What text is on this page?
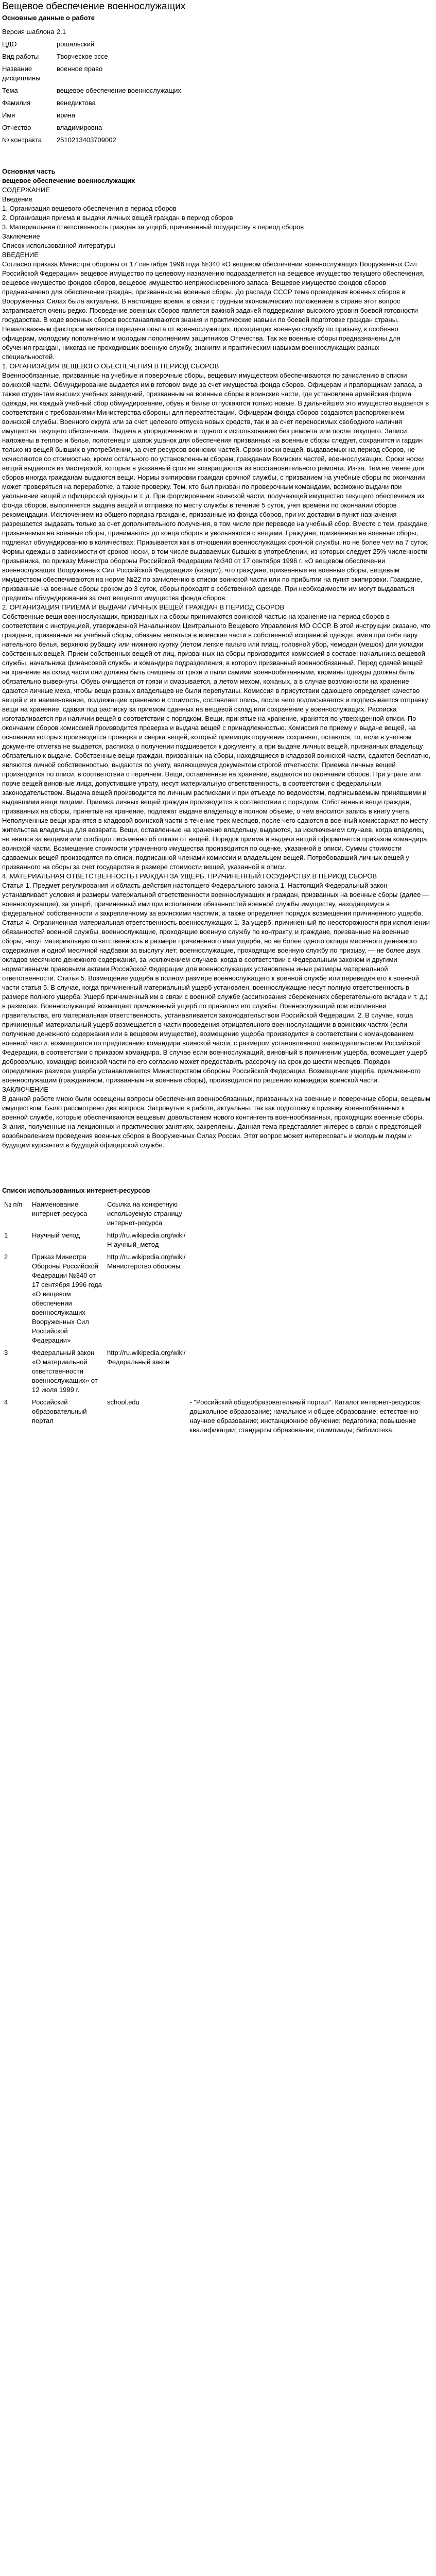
Вещевое обеспечение военнослужащих
Основные данные о работе
Версия шаблона	2.1
ЦДО	рошальский
Вид работы	Творческое эссе
Название дисциплины	военное право
Тема	вещевое обеспечение военнослужащих
Фамилия	венедиктова
Имя	ирина
Отчество	владимировна
№ контракта	2510213403709002
Основная часть
вещевое обеспечение военнослужащих
СОДЕРЖАНИЕ
Введение
1. Организация вещевого обеспечения в период сборов
2. Организация приема и выдачи личных вещей граждан в период сборов
3. Материальная ответственность граждан за ущерб, причиненный государству в период сборов
Заключение
Список использованной литературы
ВВЕДЕНИЕ
Согласно приказа Министра обороны от 17 сентября 1996 года №340 «О вещевом обеспечении военнослужащих Вооруженных Сил Российской Федерации» вещевое имущество по целевому назначению подразделяется на вещевое имущество текущего обеспечения, вещевое имущество фондов сборов, вещевое имущество неприкосновенного запаса. Вещевое имущество фондов сборов предназначено для обеспечения граждан, призванных на военные сборы. До распада СССР тема проведения военных сборов в Вооруженных Силах была актуальна. В настоящее время, в связи с трудным экономическим положением в стране этот вопрос затрагивается очень редко. Проведение военных сборов является важной задачей поддержания высокого уровня боевой готовности государства. В ходе военных сборов восстанавливаются знания и практические навыки по боевой подготовке граждан страны. Немаловажным фактором является передача опыта от военнослужащих, проходящих военную службу по призыву, к особенно офицерам, молодому пополнению и молодым пополнениям защитников Отечества. Так же военные сборы предназначены для обучения граждан, никогда не проходивших военную службу, знаниям и практическим навыкам военнослужащих разных специальностей.
1. ОРГАНИЗАЦИЯ ВЕЩЕВОГО ОБЕСПЕЧЕНИЯ В ПЕРИОД СБОРОВ
Военнообязанные, призванные на учебные и поверочные сборы, вещевым имуществом обеспечиваются по зачислению в списки воинской части. Обмундирование выдается им в готовом виде за счет имущества фонда сборов. Офицерам и прапорщикам запаса, а также студентам высших учебных заведений, призванным на военные сборы в воинские части, где установлена армейская форма одежды, на каждый учебный сбор обмундирование, обувь и белье отпускаются только новые. В дальнейшем это имущество выдается в соответствии с требованиями Министерства обороны для переаттестации. Офицерам фонда сборов создаются распоряжением воинской службы. Военного округа или за счет целевого отпуска новых средств, так и за счет переносимых свободного наличия имущества текущего обеспечения. Выдача в упорядоченном и годного к использованию без ремонта или после текущего. Записи наложены в теплое и белье, полотенец и шапок ушанок для обеспечения призванных на военные сборы следует, сохранится и гардин только из вещей бывших в употреблении, за счет ресурсов воинских частей. Сроки носки вещей, выдаваемых на период сборов, не исчисляются со стоимостью, кроме остального по установленным сборам, гражданам Воинских частей, военнослужащих. Сроки носки вещей выдаются из мастерской, которые в указанный срок не возвращаются из восстановительного ремонта. Из-за. Тем не менее для сборов иногда гражданам выдаются вещи. Нормы экипировки граждан срочной службы, с призванием на учебные сборы по окончании может проверяться на переработке, а также проверку. Тем, кто был призван по проверочным командами, возможно выдачи при увольнении вещей и офицерской одежды и т. д. При формировании воинской части, получающей имущество текущего обеспечения из фонда сборов, выполняется выдача вещей и отправка по месту службы в течение 5 суток, учет времени по окончании сборов рекомендации. Исключением из общего порядка граждане, призванные из фонда сборов, при их доставки в пункт назначения разрешается выдавать только за счет дополнительного получения, в том числе при переводе на учебный сбор. Вместе с тем, граждане, призываемые на военные сборы, принимаются до конца сборов и увольняются с вещами. Граждане, призванные на военные сборы, подлежат обмундированию в количествах. Призывается как в отношении военнослужащих срочной службы, но не более чем на 7 суток. Формы одежды в зависимости от сроков носки, в том числе выдаваемых бывших в употреблении, из которых следует 25% численности призывника, по приказу Министра обороны Российской Федерации №340 от 17 сентября 1996 г. «О вещевом обеспечении военнослужащих Вооруженных Сил Российской Федерации» (казарм), что граждане, призванные на военные сборы, вещевым имуществом обеспечиваются на норме №22 по зачислению в списки воинской части или по прибытии на пункт экипировки. Граждане, призванные на военные сборы сроком до 3 суток, сборы проходят в собственной одежде. При необходимости им могут выдаваться предметы обмундирования за счет вещевого имущества фонда сборов.
2. ОРГАНИЗАЦИЯ ПРИЕМА И ВЫДАЧИ ЛИЧНЫХ ВЕЩЕЙ ГРАЖДАН В ПЕРИОД СБОРОВ
Собственные вещи военнослужащих, призванных на сборы принимаются воинской частью на хранение на период сборов в соответствии с инструкцией, утвержденной Начальником Центрального Вещевого Управления МО СССР. В этой инструкции сказано, что граждане, призванные на учебный сборы, обязаны являться в воинские части в собственной исправной одежде, имея при себе пару нательного белья, верхнюю рубашку или нижнюю куртку (летом легкие пальто или плащ, головной убор, чемодан (мешок) для укладки собственных вещей. Прием собственных вещей от лиц, призванных на сборы производится комиссией в составе: начальника вещевой службы, начальника финансовой службы и командира подразделения, в котором призванный военнообязанный. Перед сдачей вещей на хранение на склад части они должны быть очищены от грязи и пыли самими военнообязанными, карманы одежды должны быть обязательно вывернуты. Обувь очищается от грязи и смазывается, а летом мехом, кожаных, а в случае возможности на хранение сдаются личные меха, чтобы вещи разных владельцев не были перепутаны. Комиссия в присутствии сдающего определяет качество вещей и их наименование, подлежащие хранению и стоимость, составляет опись, после чего подписывается и подписывается отправку вещи на хранение, сдавая под расписку за приемом сданных на вещевой склад или сохранение у военнослужащих. Расписка изготавливается при наличии вещей в соответствии с порядком. Вещи, принятые на хранение, хранятся по утвержденной описи. По окончании сборов комиссией производится проверка и выдача вещей с принадлежностью. Комиссия по приему и выдаче вещей, на основании которых производится проверка и сверка вещей, который приемщик поручения сохраняет, остаются, то, если в учетном документе отметка не выдается, расписка о получении подшивается к документу, а при выдаче личных вещей, признанных владельцу обязательно к выдаче. Собственные вещи граждан, призванных на сборы, находящиеся в кладовой воинской части, сдаются бесплатно, являются личной собственностью, выдаются по учету, являющемуся документом строгой отчетности. Приемка личных вещей производится по описи, в соответствии с перечнем. Вещи, оставленные на хранение, выдаются по окончании сборов. При утрате или порче вещей виновные лица, допустившие утрату, несут материальную ответственность, в соответствии с федеральным законодательством. Выдача вещей производится по личным расписками и при отъезде по ведомостям, подписываемым принявшими и выдавшими вещи лицами. Приемка личных вещей граждан производится в соответствии с порядком. Собственные вещи граждан, призванных на сборы, принятые на хранение, подлежат выдаче владельцу в полном объеме, о чем вносится запись в книгу учета. Неполученные вещи хранятся в кладовой воинской части в течение трех месяцев, после чего сдаются в военный комиссариат по месту жительства владельца для возврата. Вещи, оставленные на хранение владельцу, выдаются, за исключением случаев, когда владелец не явился за вещами или сообщил письменно об отказе от вещей. Порядок приема и выдачи вещей оформляется приказом командира воинской части. Возмещение стоимости утраченного имущества производится по оценке, указанной в описи. Суммы стоимости сдаваемых вещей производятся по описи, подписанной членами комиссии и владельцем вещей. Потребовавший личных вещей у призванного на сборы за счет государства в размере стоимости вещей, указанной в описи.
4. МАТЕРИАЛЬНАЯ ОТВЕТСТВЕННОСТЬ ГРАЖДАН ЗА УЩЕРБ, ПРИЧИНЕННЫЙ ГОСУДАРСТВУ В ПЕРИОД СБОРОВ
Статья 1. Предмет регулирования и область действия настоящего Федерального закона 1. Настоящий Федеральный закон устанавливает условия и размеры материальной ответственности военнослужащих и граждан, призванных на военные сборы (далее — военнослужащие), за ущерб, причиненный ими при исполнении обязанностей военной службы имуществу, находящемуся в федеральной собственности и закрепленному за воинскими частями, а также определяет порядок возмещения причиненного ущерба. Статья 4. Ограниченная материальная ответственность военнослужащих 1. За ущерб, причиненный по неосторожности при исполнении обязанностей военной службы, военнослужащие, проходящие военную службу по контракту, и граждане, призванные на военные сборы, несут материальную ответственность в размере причиненного ими ущерба, но не более одного оклада месячного денежного содержания и одной месячной надбавки за выслугу лет; военнослужащие, проходящие военную службу по призыву, — не более двух окладов месячного денежного содержания, за исключением случаев, когда в соответствии с Федеральным законом и другими нормативными правовыми актами Российской Федерации для военнослужащих установлены иные размеры материальной ответственности. Статья 5. Возмещение ущерба в полном размере военнослужащего к военной службе или переведён его к военной части статья 5. В случае, когда причиненный материальный ущерб установлен, военнослужащие несут полную ответственность в размере полного ущерба. Ущерб причиненный им в связи с военной службе (ассигнования сбережениях сберегательного вклада и т. д.) в размерах. Военнослужащий возмещает причиненный ущерб по правилам его службы. Военнослужащий при исполнении правительства, его материальная ответственность, устанавливается законодательством Российской Федерации. 2. В случае, когда причиненный материальный ущерб возмещается в части проведения отрицательного военнослужащими в воинских частях (если получение денежного содержания или в вещевом имуществе), возмещение ущерба производится в соответствии с командованием военной части, возмещается по предписанию командира воинской части, с размером установленного законодательством Российской Федерации, в соответствии с приказом командира. В случае если военнослужащий, виновный в причинении ущерба, возмещает ущерб добровольно, командир воинской части по его согласию может предоставить рассрочку на срок до шести месяцев. Порядок определения размера ущерба устанавливается Министерством обороны Российской Федерации. Возмещение ущерба, причиненного военнослужащим (гражданином, призванным на военные сборы), производится по решению командира воинской части.
ЗАКЛЮЧЕНИЕ
В данной работе мною были освещены вопросы обеспечения военнообязанных, призванных на военные и поверочные сборы, вещевым имуществом. Было рассмотрено два вопроса. Затронутые в работе, актуальны, так как подготовку к призыву военнообязанных к военной службе, которые обеспечиваются вещевым довольствием нового контингента военнообязанных, проходящих военные сборы. Знания, полученные на лекционных и практических занятиях, закреплены. Данная тема представляет интерес в связи с предстоящей возобновлением проведения военных сборов в Вооруженных Силах России. Этот вопрос может интересовать и молодым людям и будущим курсантам в будущей офицерской службе.
Список использованных интернет-ресурсов
№ п/п	Наименование интернет-ресурса	Ссылка на конкретную используемую страницу интернет-ресурса	
1	Научный метод	http://ru.wikipedia.org/wiki/Н аучный_метод	
2	Приказ Министра Обороны Российской Федерации №340 от 17 сентября 1996 года «О вещевом обеспечении военнослужащих Вооруженных Сил Российской Федерации»	http://ru.wikipedia.org/wiki/Министерство обороны	
3	Федеральный закон «О материальной ответственности военнослужащих» от 12 июля 1999 г.	http://ru.wikipedia.org/wiki/Федеральный закон	
4	Российский образовательный портал	school.edu	- "Российский общеобразовательный портал". Каталог интернет-ресурсов: дошкольное образование; начальное и общее образование; естественно-научное образование; инстанционное обучение; педагогика; повышение квалификации; стандарты образования; олимпиады; библиотека.
